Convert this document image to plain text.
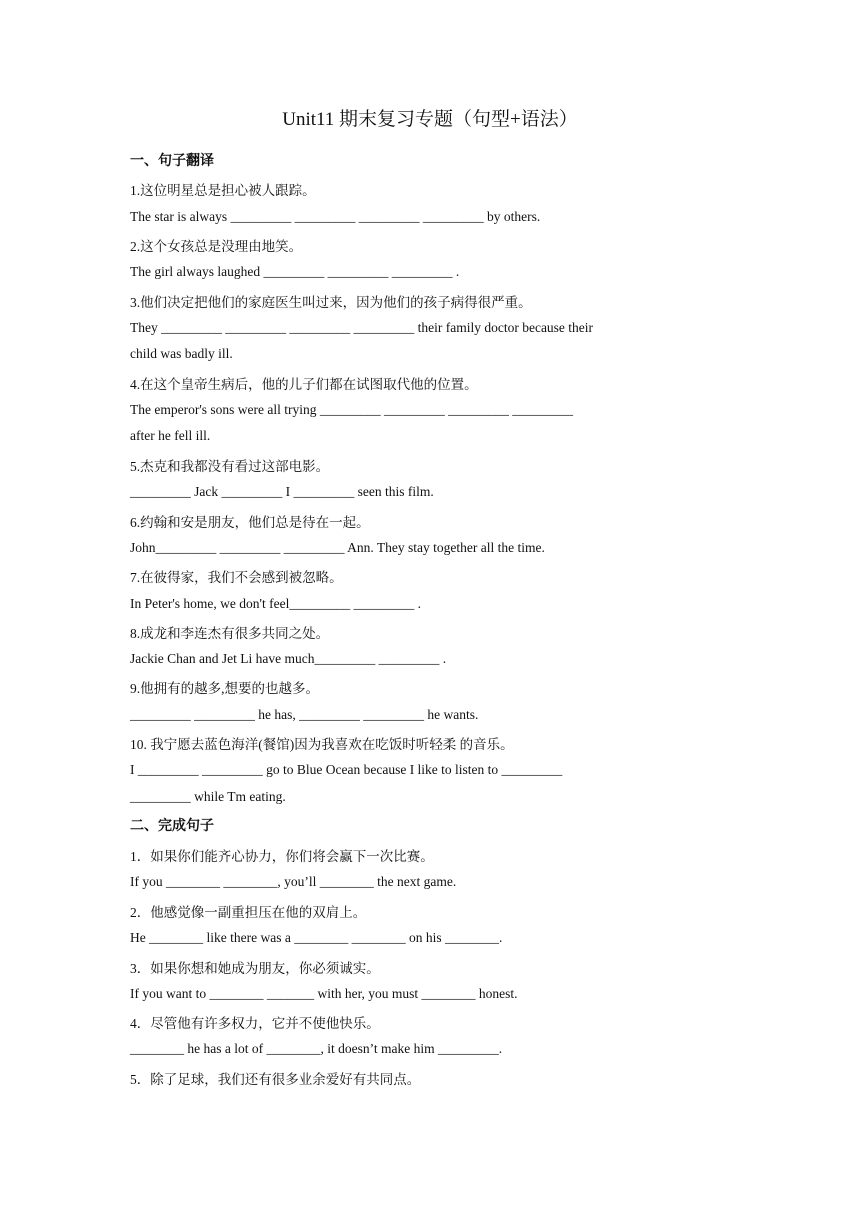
Unit11 期末复习专题（句型+语法）
一、句子翻译
1.这位明星总是担心被人跟踪。
The star is always _________ _________ _________ _________ by others.
2.这个女孩总是没理由地笑。
The girl always laughed _________ _________ _________ .
3.他们决定把他们的家庭医生叫过来，因为他们的孩子病得很严重。
They _________ _________ _________ _________ their family doctor because their
child was badly ill.
4.在这个皇帝生病后，他的儿子们都在试图取代他的位置。
The emperor's sons were all trying _________ _________ _________ _________
after he fell ill.
5.杰克和我都没有看过这部电影。
_________ Jack _________ I _________ seen this film.
6.约翰和安是朋友，他们总是待在一起。
John_________ _________ _________ Ann. They stay together all the time.
7.在彼得家，我们不会感到被忽略。
In Peter's home, we don't feel_________ _________ .
8.成龙和李连杰有很多共同之处。
Jackie Chan and Jet Li have much_________ _________ .
9.他拥有的越多,想要的也越多。
_________ _________ he has, _________ _________ he wants.
10. 我宁愿去蓝色海洋(餐馆)因为我喜欢在吃饭时听轻柔 的音乐。
I _________ _________ go to Blue Ocean because I like to listen to _________
_________ while Tm eating.
二、完成句子
1．如果你们能齐心协力，你们将会赢下一次比赛。
If you ________ ________, you’ll ________ the next game.
2．他感觉像一副重担压在他的双肩上。
He ________ like there was a ________ ________ on his ________.
3．如果你想和她成为朋友，你必须诚实。
If you want to ________ _______ with her, you must ________ honest.
4．尽管他有许多权力，它并不使他快乐。
________ he has a lot of ________, it doesn’t make him _________.
5．除了足球，我们还有很多业余爱好有共同点。
